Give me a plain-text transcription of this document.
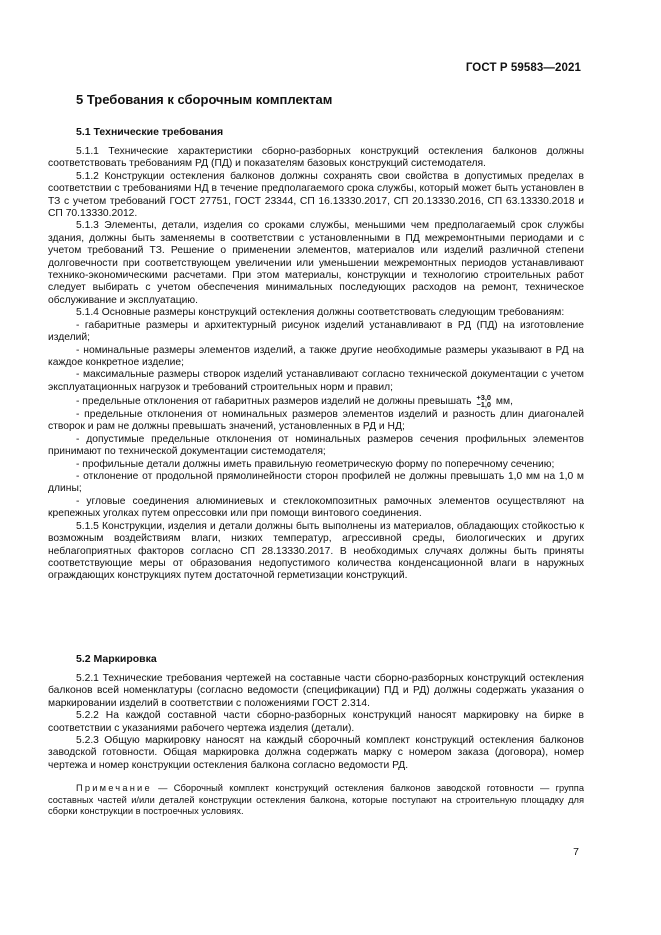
ГОСТ Р 59583—2021
5 Требования к сборочным комплектам
5.1 Технические требования

5.1.1 Технические характеристики сборно-разборных конструкций остекления балконов должны соответствовать требованиям РД (ПД) и показателям базовых конструкций системодателя.

5.1.2 Конструкции остекления балконов должны сохранять свои свойства в допустимых пределах в соответствии с требованиями НД в течение предполагаемого срока службы, который может быть установлен в ТЗ с учетом требований ГОСТ 27751, ГОСТ 23344, СП 16.13330.2017, СП 20.13330.2016, СП 63.13330.2018 и СП 70.13330.2012.

5.1.3 Элементы, детали, изделия со сроками службы, меньшими чем предполагаемый срок службы здания, должны быть заменяемы в соответствии с установленными в ПД межремонтными периодами и с учетом требований ТЗ. Решение о применении элементов, материалов или изделий различной степени долговечности при соответствующем увеличении или уменьшении межремонтных периодов устанавливают технико-экономическими расчетами. При этом материалы, конструкции и технологию строительных работ следует выбирать с учетом обеспечения минимальных последующих расходов на ремонт, техническое обслуживание и эксплуатацию.

5.1.4 Основные размеры конструкций остекления должны соответствовать следующим требованиям:

- габаритные размеры и архитектурный рисунок изделий устанавливают в РД (ПД) на изготовление изделий;

- номинальные размеры элементов изделий, а также другие необходимые размеры указывают в РД на каждое конкретное изделие;

- максимальные размеры створок изделий устанавливают согласно технической документации с учетом эксплуатационных нагрузок и требований строительных норм и правил;

- предельные отклонения от габаритных размеров изделий не должны превышать +3,0
−1,0 мм,

- предельные отклонения от номинальных размеров элементов изделий и разность длин диагоналей створок и рам не должны превышать значений, установленных в РД и НД;

- допустимые предельные отклонения от номинальных размеров сечения профильных элементов принимают по технической документации системодателя;

- профильные детали должны иметь правильную геометрическую форму по поперечному сечению;

- отклонение от продольной прямолинейности сторон профилей не должны превышать 1,0 мм на 1,0 м длины;

- угловые соединения алюминиевых и стеклокомпозитных рамочных элементов осуществляют на крепежных уголках путем опрессовки или при помощи винтового соединения.

5.1.5 Конструкции, изделия и детали должны быть выполнены из материалов, обладающих стойкостью к возможным воздействиям влаги, низких температур, агрессивной среды, биологических и других неблагоприятных факторов согласно СП 28.13330.2017. В необходимых случаях должны быть приняты соответствующие меры от образования недопустимого количества конденсационной влаги в наружных ограждающих конструкциях путем достаточной герметизации конструкций.

5.2 Маркировка

5.2.1 Технические требования чертежей на составные части сборно-разборных конструкций остекления балконов всей номенклатуры (согласно ведомости (спецификации) ПД и РД) должны содержать указания о маркировании изделий в соответствии с положениями ГОСТ 2.314.

5.2.2 На каждой составной части сборно-разборных конструкций наносят маркировку на бирке в соответствии с указаниями рабочего чертежа изделия (детали).

5.2.3 Общую маркировку наносят на каждый сборочный комплект конструкций остекления балконов заводской готовности. Общая маркировка должна содержать марку с номером заказа (договора), номер чертежа и номер конструкции остекления балкона согласно ведомости РД.

Примечание — Сборочный комплект конструкций остекления балконов заводской готовности — группа составных частей и/или деталей конструкции остекления балкона, которые поступают на строительную площадку для сборки конструкции в построечных условиях.

7
